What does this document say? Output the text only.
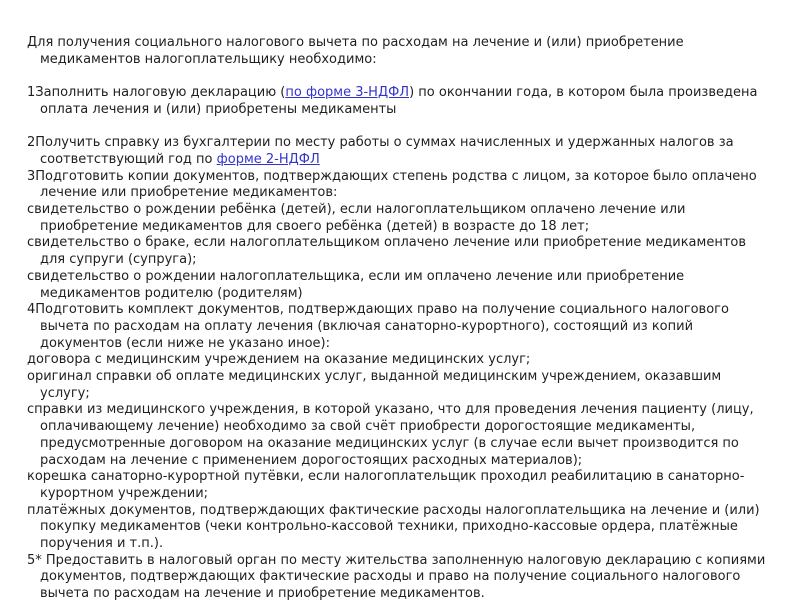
Для получения социального налогового вычета по расходам на лечение и (или) приобретение медикаментов налогоплательщику необходимо:

1Заполнить налоговую декларацию (по форме 3-НДФЛ) по окончании года, в котором была произведена оплата лечения и (или) приобретены медикаменты

2Получить справку из бухгалтерии по месту работы о суммах начисленных и удержанных налогов за соответствующий год по форме 2-НДФЛ

3Подготовить копии документов, подтверждающих степень родства с лицом, за которое было оплачено лечение или приобретение медикаментов:

свидетельство о рождении ребёнка (детей), если налогоплательщиком оплачено лечение или приобретение медикаментов для своего ребёнка (детей) в возрасте до 18 лет;

свидетельство о браке, если налогоплательщиком оплачено лечение или приобретение медикаментов для супруги (супруга);

свидетельство о рождении налогоплательщика, если им оплачено лечение или приобретение медикаментов родителю (родителям)

4Подготовить комплект документов, подтверждающих право на получение социального налогового вычета по расходам на оплату лечения (включая санаторно-курортного), состоящий из копий документов (если ниже не указано иное):

договора с медицинским учреждением на оказание медицинских услуг;

оригинал справки об оплате медицинских услуг, выданной медицинским учреждением, оказавшим услугу;

справки из медицинского учреждения, в которой указано, что для проведения лечения пациенту (лицу, оплачивающему лечение) необходимо за свой счёт приобрести дорогостоящие медикаменты, предусмотренные договором на оказание медицинских услуг (в случае если вычет производится по расходам на лечение с применением дорогостоящих расходных материалов);

корешка санаторно-курортной путёвки, если налогоплательщик проходил реабилитацию в санаторно-курортном учреждении;

платёжных документов, подтверждающих фактические расходы налогоплательщика на лечение и (или) покупку медикаментов (чеки контрольно-кассовой техники, приходно-кассовые ордера, платёжные поручения и т.п.).

5* Предоставить в налоговый орган по месту жительства заполненную налоговую декларацию с копиями документов, подтверждающих фактические расходы и право на получение социального налогового вычета по расходам на лечение и приобретение медикаментов.
